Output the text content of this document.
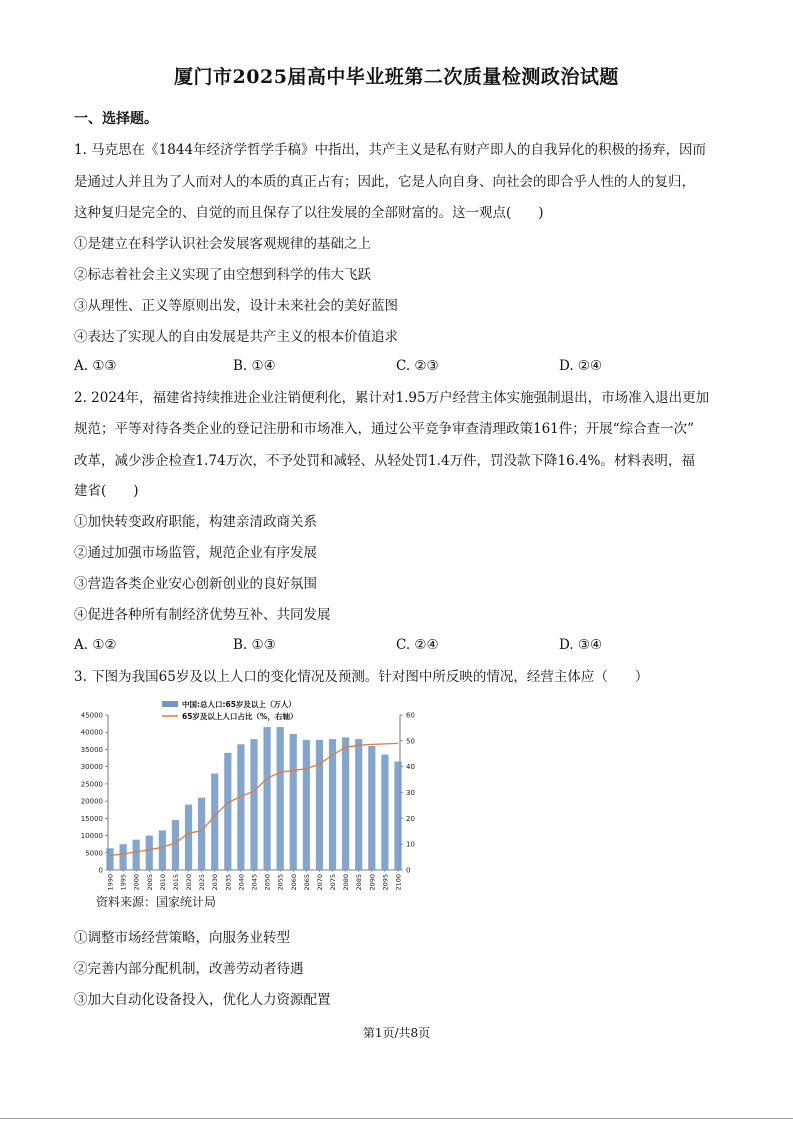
厦门市2025届高中毕业班第二次质量检测政治试题
一、选择题。
1. 马克思在《1844年经济学哲学手稿》中指出，共产主义是私有财产即人的自我异化的积极的扬弃，因而
是通过人并且为了人而对人的本质的真正占有；因此，它是人向自身、向社会的即合乎人性的人的复归，
这种复归是完全的、自觉的而且保存了以往发展的全部财富的。这一观点(　　)
①是建立在科学认识社会发展客观规律的基础之上
②标志着社会主义实现了由空想到科学的伟大飞跃
③从理性、正义等原则出发，设计未来社会的美好蓝图
④表达了实现人的自由发展是共产主义的根本价值追求
A. ①③	B. ①④	C. ②③	D. ②④
2. 2024年，福建省持续推进企业注销便利化，累计对1.95万户经营主体实施强制退出，市场准入退出更加
规范；平等对待各类企业的登记注册和市场准入，通过公平竞争审查清理政策161件；开展“综合查一次”
改革，减少涉企检查1.74万次，不予处罚和减轻、从轻处罚1.4万件，罚没款下降16.4%。材料表明，福
建省(　　)
①加快转变政府职能，构建亲清政商关系
②通过加强市场监管，规范企业有序发展
③营造各类企业安心创新创业的良好氛围
④促进各种所有制经济优势互补、共同发展
A. ①②	B. ①③	C. ②④	D. ③④
3. 下图为我国65岁及以上人口的变化情况及预测。针对图中所反映的情况，经营主体应（　　）
45000
40000
35000
30000
25000
20000
15000
10000
5000
0
60
50
40
30
20
10
0
1990 1995 2000 2005 2010 2015 2020 2025 2030 2035 2040 2045 2050 2055 2060 2065 2070 2075 2080 2085 2090 2095 2100
中国:总人口:65岁及以上（万人）
65岁及以上人口占比（%，右轴）
资料来源：国家统计局
①调整市场经营策略，向服务业转型
②完善内部分配机制，改善劳动者待遇
③加大自动化设备投入，优化人力资源配置
第1页/共8页
